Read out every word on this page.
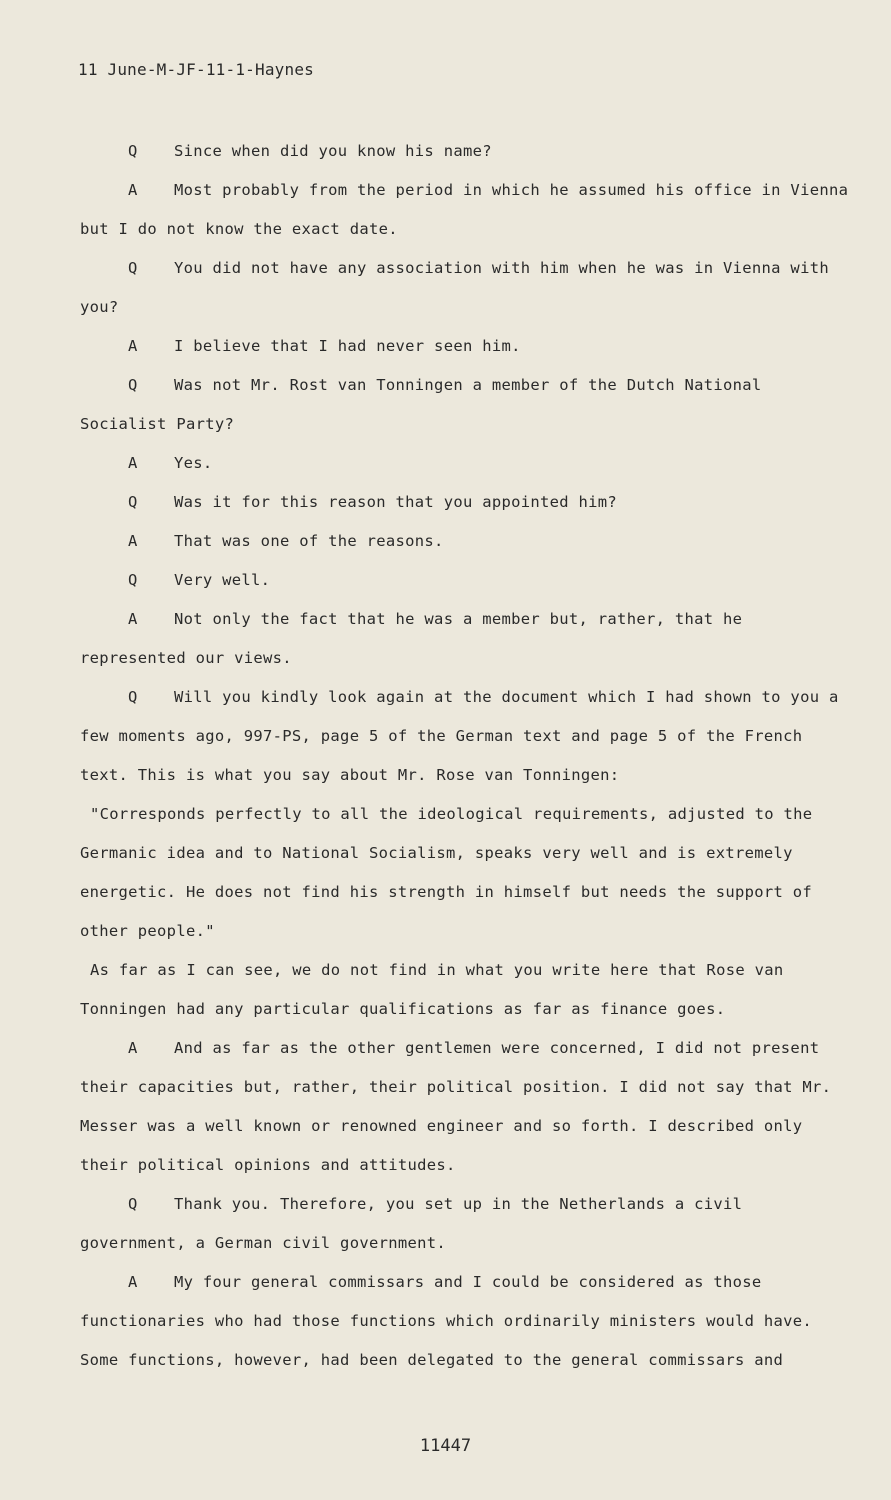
11 June-M-JF-11-1-Haynes

Q Since when did you know his name?

A Most probably from the period in which he assumed his office in Vienna but I do not know the exact date.

Q You did not have any association with him when he was in Vienna with you?

A I believe that I had never seen him.

Q Was not Mr. Rost van Tonningen a member of the Dutch National Socialist Party?

A Yes.

Q Was it for this reason that you appointed him?

A That was one of the reasons.

Q Very well.

A Not only the fact that he was a member but, rather, that he represented our views.

Q Will you kindly look again at the document which I had shown to you a few moments ago, 997-PS, page 5 of the German text and page 5 of the French text. This is what you say about Mr. Rose van Tonningen:

"Corresponds perfectly to all the ideological requirements, adjusted to the Germanic idea and to National Socialism, speaks very well and is extremely energetic. He does not find his strength in himself but needs the support of other people."

As far as I can see, we do not find in what you write here that Rose van Tonningen had any particular qualifications as far as finance goes.

A And as far as the other gentlemen were concerned, I did not present their capacities but, rather, their political position. I did not say that Mr. Messer was a well known or renowned engineer and so forth. I described only their political opinions and attitudes.

Q Thank you. Therefore, you set up in the Netherlands a civil government, a German civil government.

A My four general commissars and I could be considered as those functionaries who had those functions which ordinarily ministers would have. Some functions, however, had been delegated to the general commissars and

11447
